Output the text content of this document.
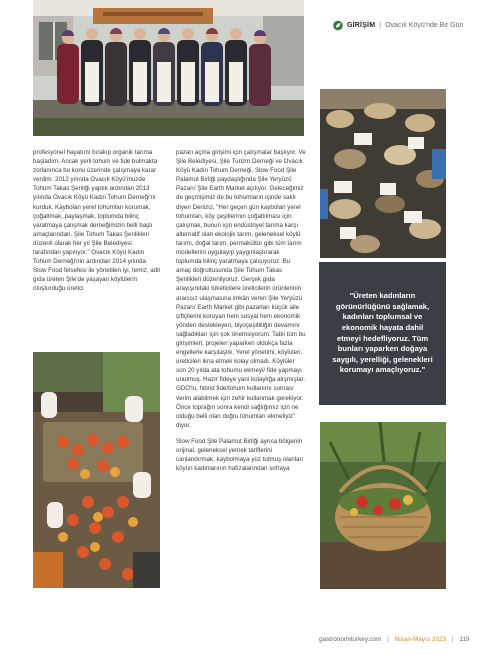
GİRİŞİM | Ovacık Köyü'nde Bir Gün

profesyonel hayatımı bırakıp organik tarıma başladım. Ancak yerli tohum ve fide bulmakta zorlanınca bu konu üzerinde çalışmaya karar verdim. 2012 yılında Ovacık Köyü'müzde Tohum Takas Şenliği yaptık ardından 2013 yılında Ovacık Köyü Kadın Tohum Derneği'ni kurduk. Kaybolan yerel tohumları korumak, çoğaltmak, paylaşmak, toplumda bilinç yaratmaya çalışmak derneğimizin belli başlı amaçlarından. Şile Tohum Takas Şenlikleri düzenli olarak her yıl Şile Belediyesi tarafından yapılıyor." Ovacık Köyü Kadın Tohum Derneği'nin ardından 2014 yılında Slow Food felsefesi ile yönetilen iyi, temiz, adil gıda üreten Şile'de yaşayan köylülerin oluşturduğu üretici

pazarı açma girişimi için çalışmalar başlıyor. Ve Şile Belediyesi, Şile Turizm Derneği ve Ovacık Köyü Kadın Tohum Derneği, Slow Food Şile Palamut Birliği paydaşlığında Şile Yeryüzü Pazarı/ Şile Earth Market açılıyor. Geleceğimiz de geçmişimiz de bu tohumların içinde saklı diyen Denizci, "Her geçen gün kaybolan yerel tohumları, köy çeşitlerinin çoğaltılması için çalışmak, bunun için endüstriyel tarıma karşı alternatif olan ekolojik tarım, geleneksel köylü tarımı, doğal tarım, permakültür gibi tüm tarım modellerini uygulayıp yaygınlaştırarak toplumda bilinç yaratmaya çalışıyoruz. Bu amaç doğrultusunda Şile Tohum Takas Şenlikleri düzenliyoruz. Gerçek gıda arayışındaki tüketicilere üreticilerin ürünlerinin aracısız ulaşmasına imkân veren Şile Yeryüzü Pazarı/ Earth Market gibi pazarları küçük aile çiftçilerini koruyan hem sosyal hem ekonomik yönden destekleyen, biyoçeşitliliğin devamını sağladıkları için çok önemsiyorum. Tabii tüm bu girişimleri, projeleri yaparken oldukça fazla engellerle karşılaştık. Yerel yönetimi, köylüleri, üreticileri ikna etmek kolay olmadı. Köylüler son 20 yılda ata tohumu ekmeyi/ fide yapmayı unutmuş. Hazır fideye yani kolaylığa alışmışlar. GDO'lu, hibrid fide/tohum kullanımı sonrası verim alabilmek için zehir kullanmak gerekiyor. Önce toprağın sonra kendi sağlığımız için ne olduğu belli olan doğru tohumları ekmeliyiz" diyor.

Slow Food Şile Palamut Birliği ayrıca bölgenin orijinal, geleneksel yemek tariflerini canlandırmak, kaybolmaya yüz tutmuş olanları köyün kadınlarının hafızalarından sofraya

"Üreten kadınların görünürlüğünü sağlamak, kadınları toplumsal ve ekonomik hayata dahil etmeyi hedefliyoruz. Tüm bunları yaparken doğaya saygılı, yerelliği, gelenekleri korumayı amaçlıyoruz."

gastronomiturkey.com | Nisan-Mayıs 2023 | 119
